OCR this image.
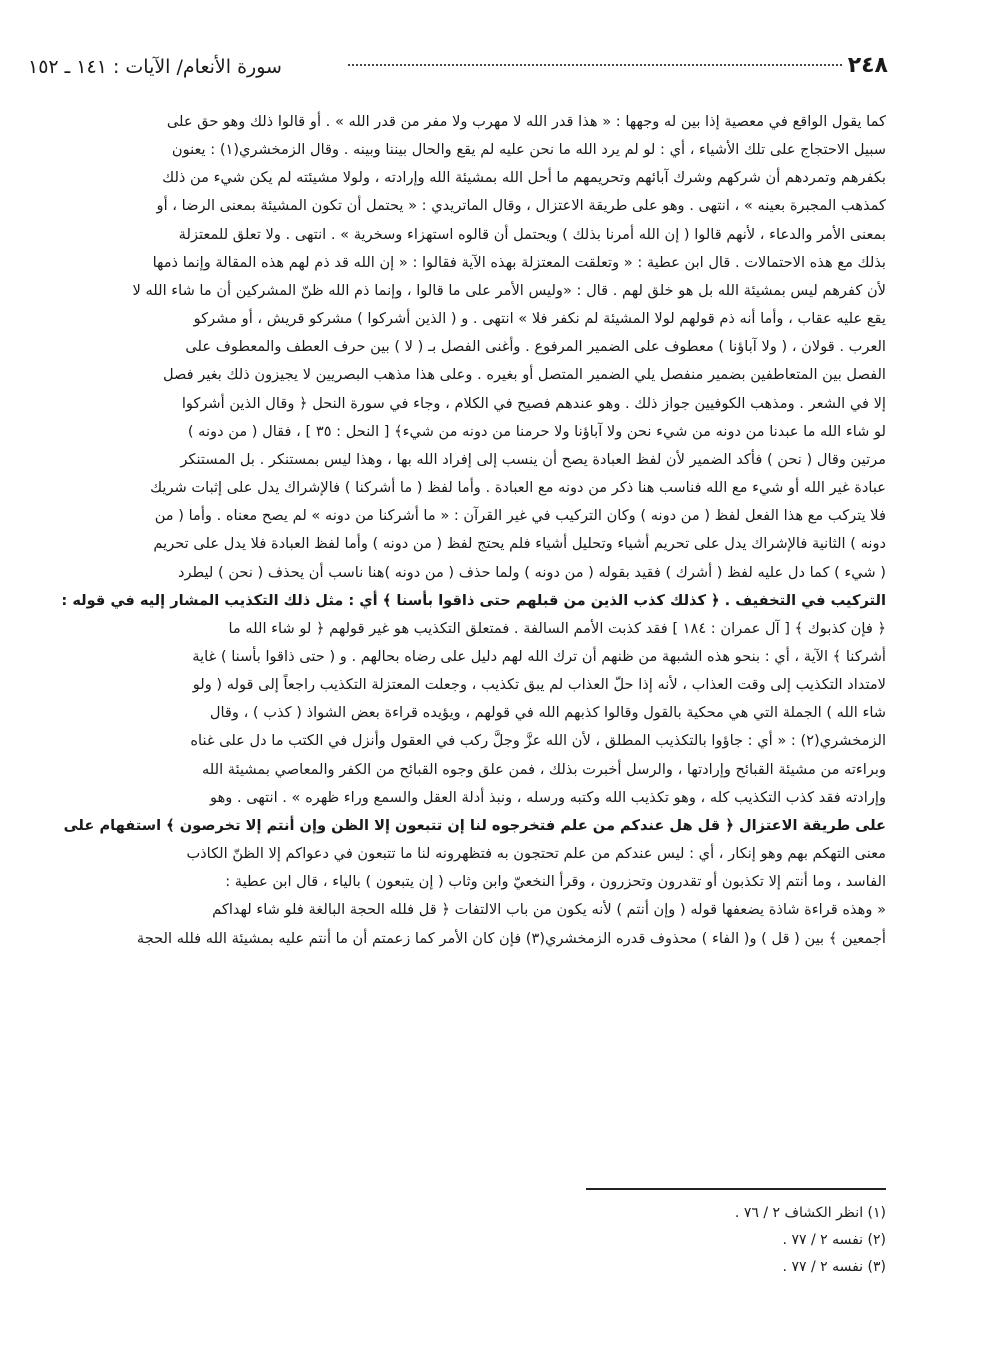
٢٤٨
سورة الأنعام/ الآيات : ١٤١ ـ ١٥٢
كما يقول الواقع في معصية إذا بين له وجهها : « هذا قدر الله لا مهرب ولا مفر من قدر الله » . أو قالوا ذلك وهو حق على
سبيل الاحتجاج على تلك الأشياء ، أي : لو لم يرد الله ما نحن عليه لم يقع والحال بيننا وبينه . وقال الزمخشري(١) : يعنون
بكفرهم وتمردهم أن شركهم وشرك آبائهم وتحريمهم ما أحل الله بمشيئة الله وإرادته ، ولولا مشيئته لم يكن شيء من ذلك
كمذهب المجبرة بعينه » ، انتهى . وهو على طريقة الاعتزال ، وقال الماتريدي : « يحتمل أن تكون المشيئة بمعنى الرضا ، أو
بمعنى الأمر والدعاء ، لأنهم قالوا ( إن الله أمرنا بذلك ) ويحتمل أن قالوه استهزاء وسخرية » . انتهى . ولا تعلق للمعتزلة
بذلك مع هذه الاحتمالات . قال ابن عطية : « وتعلقت المعتزلة بهذه الآية فقالوا : « إن الله قد ذم لهم هذه المقالة وإنما ذمها
لأن كفرهم ليس بمشيئة الله بل هو خلق لهم . قال : «وليس الأمر على ما قالوا ، وإنما ذم الله ظنّ المشركين أن ما شاء الله لا
يقع عليه عقاب ، وأما أنه ذم قولهم لولا المشيئة لم نكفر فلا » انتهى . و ( الذين أشركوا ) مشركو قريش ، أو مشركو
العرب . قولان ، ( ولا آباؤنا ) معطوف على الضمير المرفوع . وأغنى الفصل بـ ( لا ) بين حرف العطف والمعطوف على
الفصل بين المتعاطفين بضمير منفصل يلي الضمير المتصل أو بغيره . وعلى هذا مذهب البصريين لا يجيزون ذلك بغير فصل
إلا في الشعر . ومذهب الكوفيين جواز ذلك . وهو عندهم فصيح في الكلام ، وجاء في سورة النحل ﴿ وقال الذين أشركوا
لو شاء الله ما عبدنا من دونه من شيء نحن ولا آباؤنا ولا حرمنا من دونه من شيء﴾ [ النحل : ٣٥ ] ، فقال ( من دونه )
مرتين وقال ( نحن ) فأكد الضمير لأن لفظ العبادة يصح أن ينسب إلى إفراد الله بها ، وهذا ليس بمستنكر . بل المستنكر
عبادة غير الله أو شيء مع الله فناسب هنا ذكر من دونه مع العبادة . وأما لفظ ( ما أشركنا ) فالإشراك يدل على إثبات شريك
فلا يتركب مع هذا الفعل لفظ ( من دونه ) وكان التركيب في غير القرآن : « ما أشركنا من دونه » لم يصح معناه . وأما ( من
دونه ) الثانية فالإشراك يدل على تحريم أشياء وتحليل أشياء فلم يحتج لفظ ( من دونه ) وأما لفظ العبادة فلا يدل على تحريم
( شيء ) كما دل عليه لفظ ( أشرك ) فقيد بقوله ( من دونه ) ولما حذف ( من دونه )هنا ناسب أن يحذف ( نحن ) ليطرد
التركيب في التخفيف . ﴿ كذلك كذب الذين من قبلهم حتى ذاقوا بأسنا ﴾ أي : مثل ذلك التكذيب المشار إليه في قوله :
﴿ فإن كذبوك ﴾ [ آل عمران : ١٨٤ ] فقد كذبت الأمم السالفة . فمتعلق التكذيب هو غير قولهم ﴿ لو شاء الله ما
أشركنا ﴾ الآية ، أي : بنحو هذه الشبهة من ظنهم أن ترك الله لهم دليل على رضاه بحالهم . و ( حتى ذاقوا بأسنا ) غاية
لامتداد التكذيب إلى وقت العذاب ، لأنه إذا حلّ العذاب لم يبق تكذيب ، وجعلت المعتزلة التكذيب راجعاً إلى قوله ( ولو
شاء الله ) الجملة التي هي محكية بالقول وقالوا كذبهم الله في قولهم ، ويؤيده قراءة بعض الشواذ ( كذب ) ، وقال
الزمخشري(٢) : « أي : جاؤوا بالتكذيب المطلق ، لأن الله عزَّ وجلَّ ركب في العقول وأنزل في الكتب ما دل على غناه
وبراءته من مشيئة القبائح وإرادتها ، والرسل أخبرت بذلك ، فمن علق وجوه القبائح من الكفر والمعاصي بمشيئة الله
وإرادته فقد كذب التكذيب كله ، وهو تكذيب الله وكتبه ورسله ، ونبذ أدلة العقل والسمع وراء ظهره » . انتهى . وهو
على طريقة الاعتزال ﴿ قل هل عندكم من علم فتخرجوه لنا إن تتبعون إلا الظن وإن أنتم إلا تخرصون ﴾ استفهام على
معنى التهكم بهم وهو إنكار ، أي : ليس عندكم من علم تحتجون به فتظهرونه لنا ما تتبعون في دعواكم إلا الظنّ الكاذب
الفاسد ، وما أنتم إلا تكذبون أو تقدرون وتحزرون ، وقرأ النخعيّ وابن وثاب ( إن يتبعون ) بالياء ، قال ابن عطية :
« وهذه قراءة شاذة يضعفها قوله ( وإن أنتم ) لأنه يكون من باب الالتفات ﴿ قل فلله الحجة البالغة فلو شاء لهداكم
أجمعين ﴾ بين ( قل ) و( الفاء ) محذوف قدره الزمخشري(٣) فإن كان الأمر كما زعمتم أن ما أنتم عليه بمشيئة الله فلله الحجة
(١) انظر الكشاف ٢ / ٧٦ .
(٢) نفسه ٢ / ٧٧ .
(٣) نفسه ٢ / ٧٧ .
